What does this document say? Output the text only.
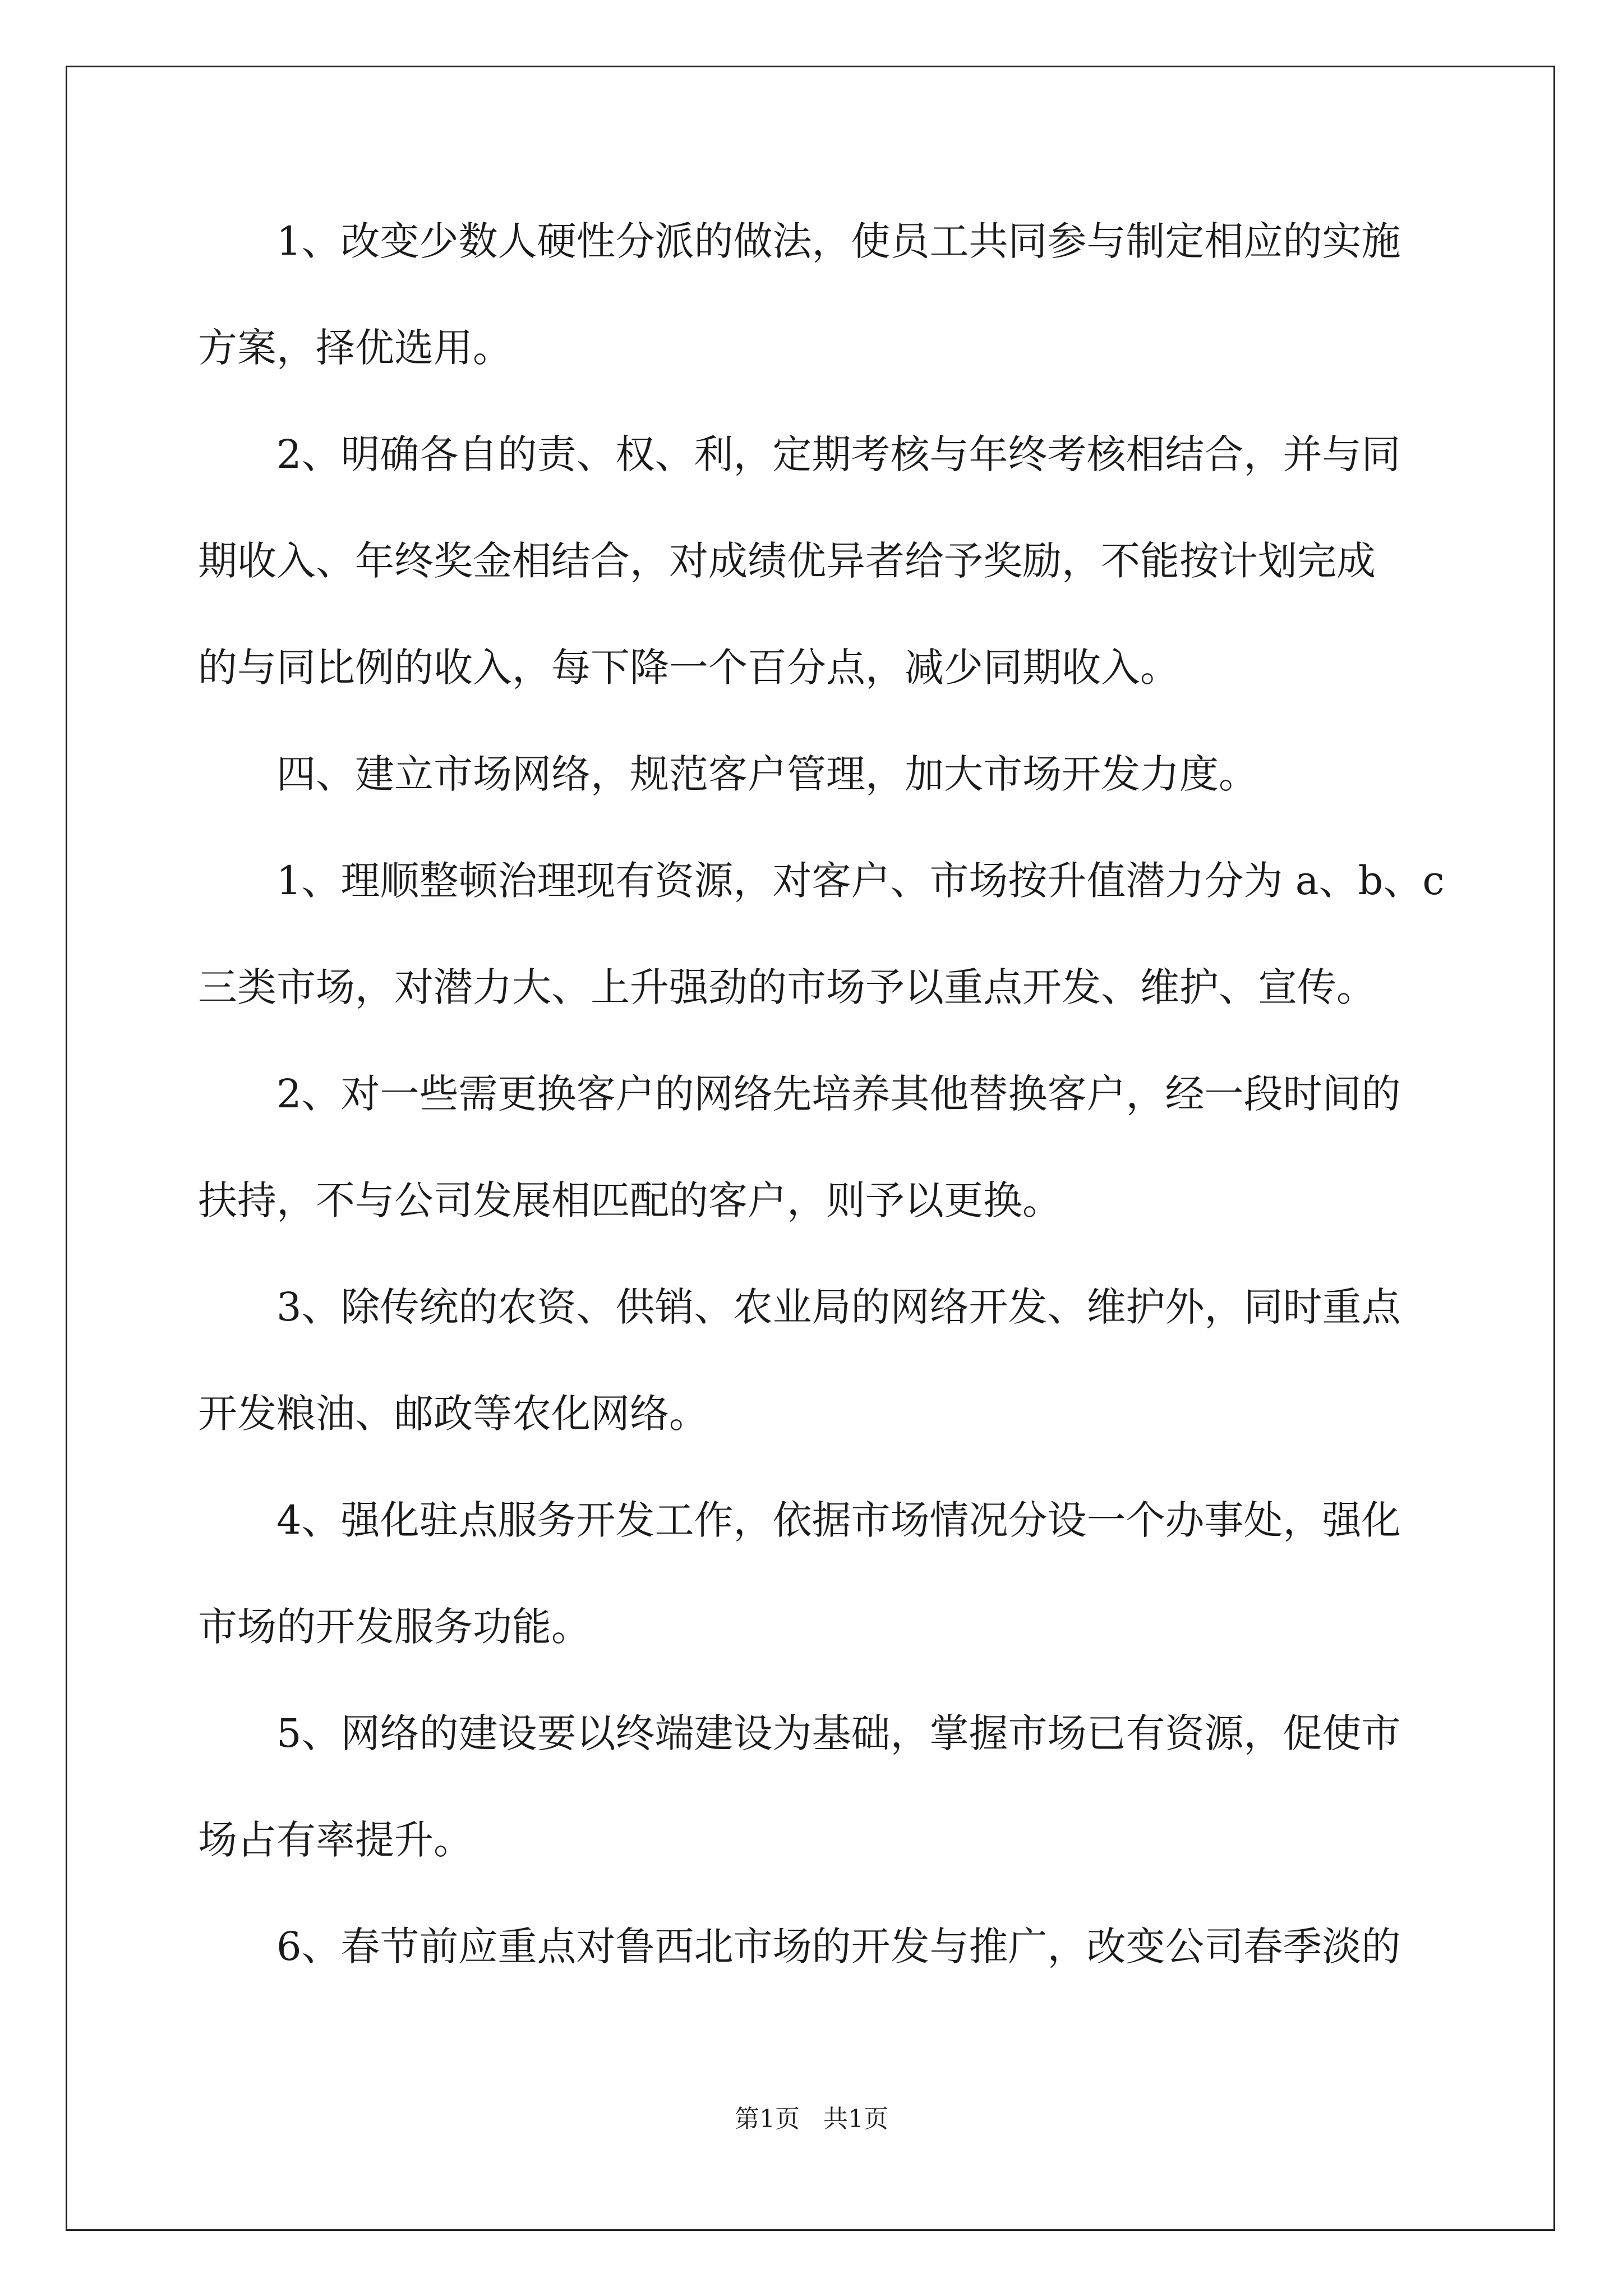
1、改变少数人硬性分派的做法，使员工共同参与制定相应的实施
方案，择优选用。
2、明确各自的责、权、利，定期考核与年终考核相结合，并与同
期收入、年终奖金相结合，对成绩优异者给予奖励，不能按计划完成
的与同比例的收入，每下降一个百分点，减少同期收入。
四、建立市场网络，规范客户管理，加大市场开发力度。
1、理顺整顿治理现有资源，对客户、市场按升值潜力分为 a、b、c
三类市场，对潜力大、上升强劲的市场予以重点开发、维护、宣传。
2、对一些需更换客户的网络先培养其他替换客户，经一段时间的
扶持，不与公司发展相匹配的客户，则予以更换。
3、除传统的农资、供销、农业局的网络开发、维护外，同时重点
开发粮油、邮政等农化网络。
4、强化驻点服务开发工作，依据市场情况分设一个办事处，强化
市场的开发服务功能。
5、网络的建设要以终端建设为基础，掌握市场已有资源，促使市
场占有率提升。
6、春节前应重点对鲁西北市场的开发与推广，改变公司春季淡的
第1页   共1页
